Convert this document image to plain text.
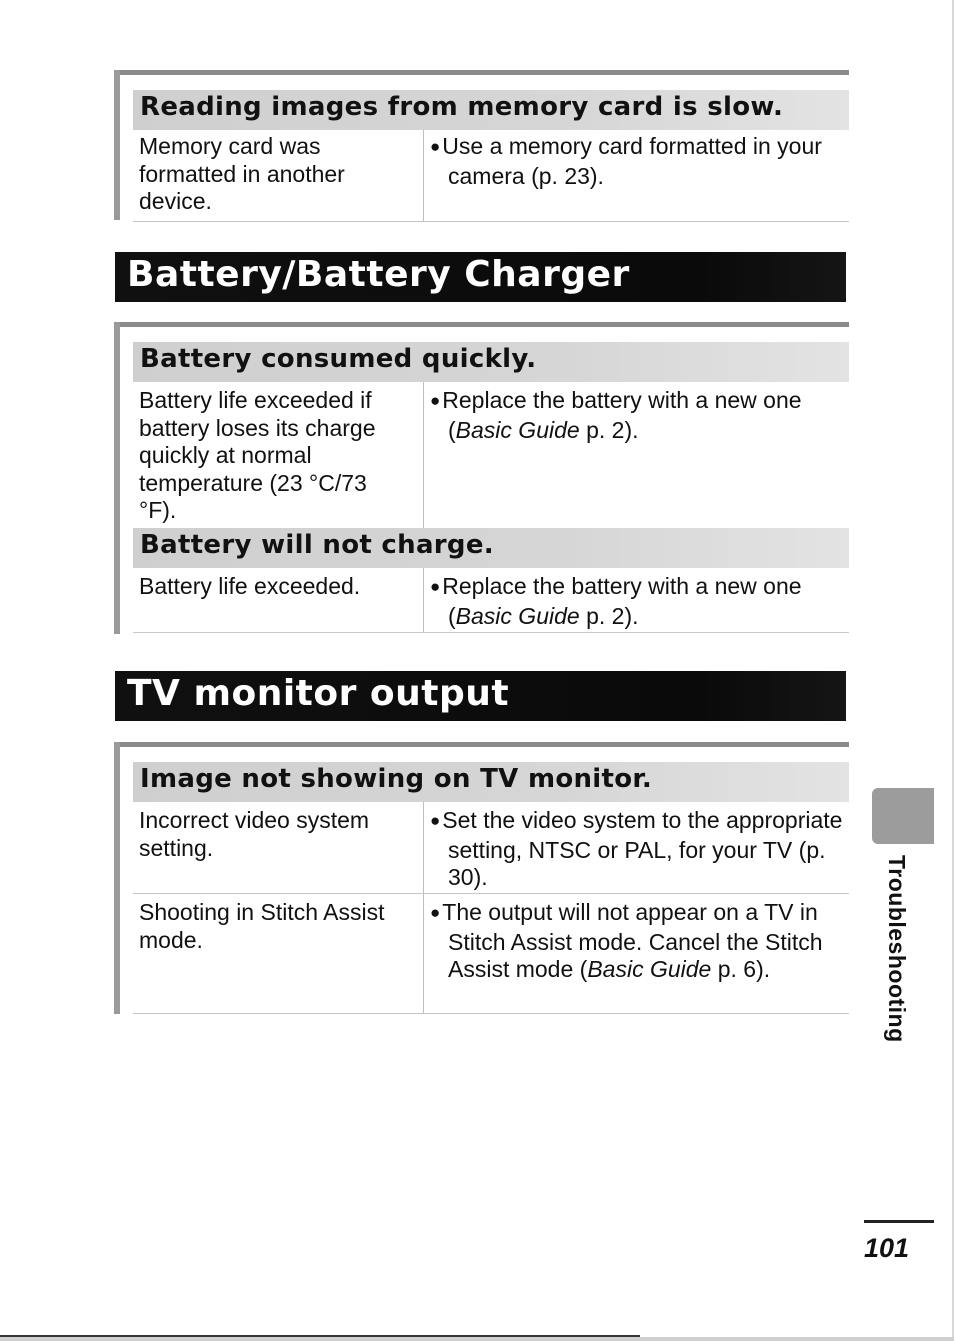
Reading images from memory card is slow.
Memory card was formatted in another device.
●Use a memory card formatted in your camera (p. 23).
Battery/Battery Charger
Battery consumed quickly.
Battery life exceeded if battery loses its charge quickly at normal temperature (23 °C/73 °F).
●Replace the battery with a new one (Basic Guide p. 2).
Battery will not charge.
Battery life exceeded.	●Replace the battery with a new one (Basic Guide p. 2).
TV monitor output
Image not showing on TV monitor.
Incorrect video system setting.
●Set the video system to the appropriate setting, NTSC or PAL, for your TV (p. 30).
Shooting in Stitch Assist mode.
●The output will not appear on a TV in Stitch Assist mode. Cancel the Stitch Assist mode (Basic Guide p. 6).	Troubleshooting
101
